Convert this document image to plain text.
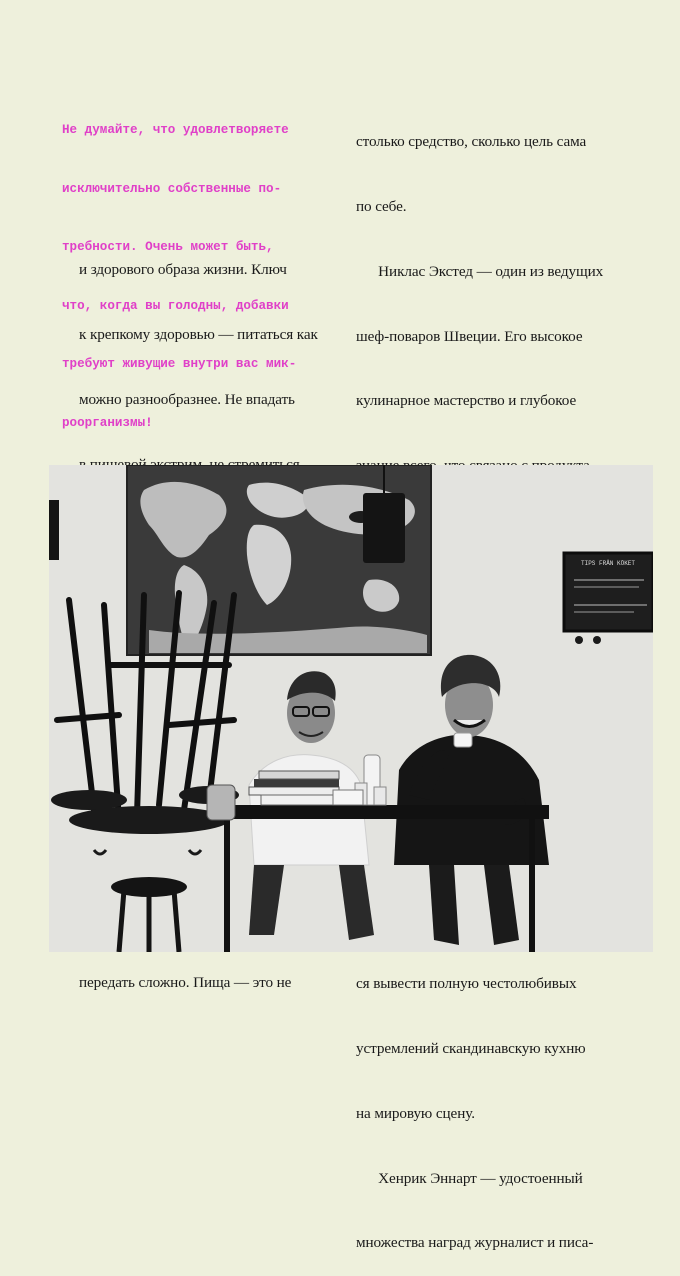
Не думайте, что удовлетворяете

исключительно собственные по-

требности. Очень может быть,

что, когда вы голодны, добавки

требуют живущие внутри вас мик-

роорганизмы!

и здорового образа жизни. Ключ

к крепкому здоровью — питаться как

можно разнообразнее. Не впадать

передать сложно. Пища — это не

столько средство, сколько цель сама

по себе.

Никлас Экстед — один из ведущих

шеф-поваров Швеции. Его высокое

кулинарное мастерство и глубокое

ся вывести полную честолюбивых

устремлений скандинавскую кухню

на мировую сцену.

Хенрик Эннарт — удостоенный

множества наград журналист и писа-

TIPS FRÅN KÖKET
